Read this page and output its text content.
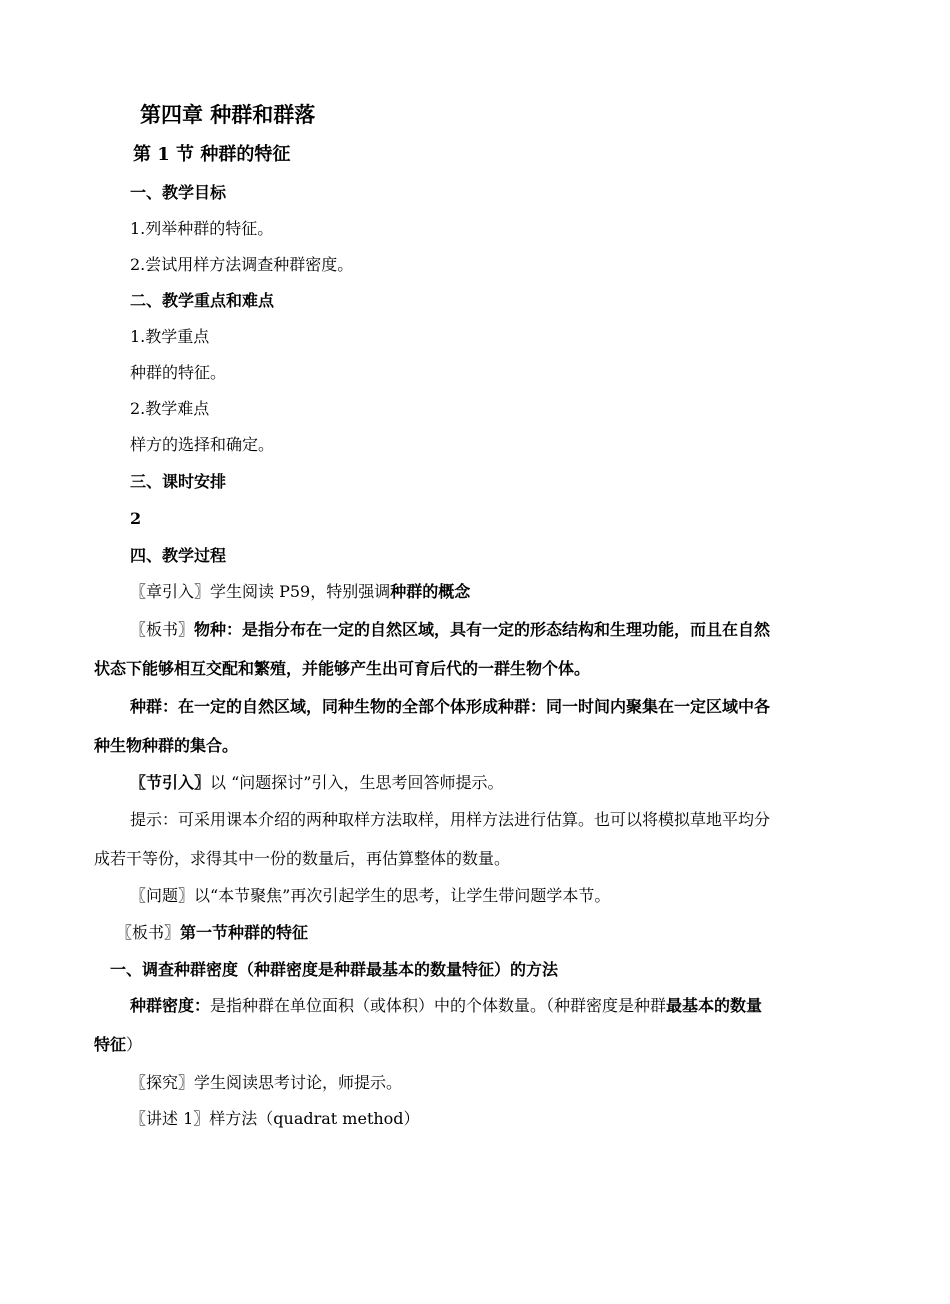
第四章 种群和群落
第 1 节 种群的特征
一、教学目标
1.列举种群的特征。
2.尝试用样方法调查种群密度。
二、教学重点和难点
1.教学重点
种群的特征。
2.教学难点
样方的选择和确定。
三、课时安排
2
四、教学过程
〖章引入〗学生阅读 P59，特别强调种群的概念
〖板书〗物种：是指分布在一定的自然区域，具有一定的形态结构和生理功能，而且在自然
状态下能够相互交配和繁殖，并能够产生出可育后代的一群生物个体。
种群：在一定的自然区域，同种生物的全部个体形成种群：同一时间内聚集在一定区域中各
种生物种群的集合。
〖节引入〗以 “问题探讨”引入，生思考回答师提示。
提示：可采用课本介绍的两种取样方法取样，用样方法进行估算。也可以将模拟草地平均分
成若干等份，求得其中一份的数量后，再估算整体的数量。
〖问题〗以“本节聚焦”再次引起学生的思考，让学生带问题学本节。
〖板书〗第一节种群的特征
一、调查种群密度（种群密度是种群最基本的数量特征）的方法
种群密度：是指种群在单位面积（或体积）中的个体数量。（种群密度是种群最基本的数量
特征）
〖探究〗学生阅读思考讨论，师提示。
〖讲述 1〗样方法（quadrat method）
